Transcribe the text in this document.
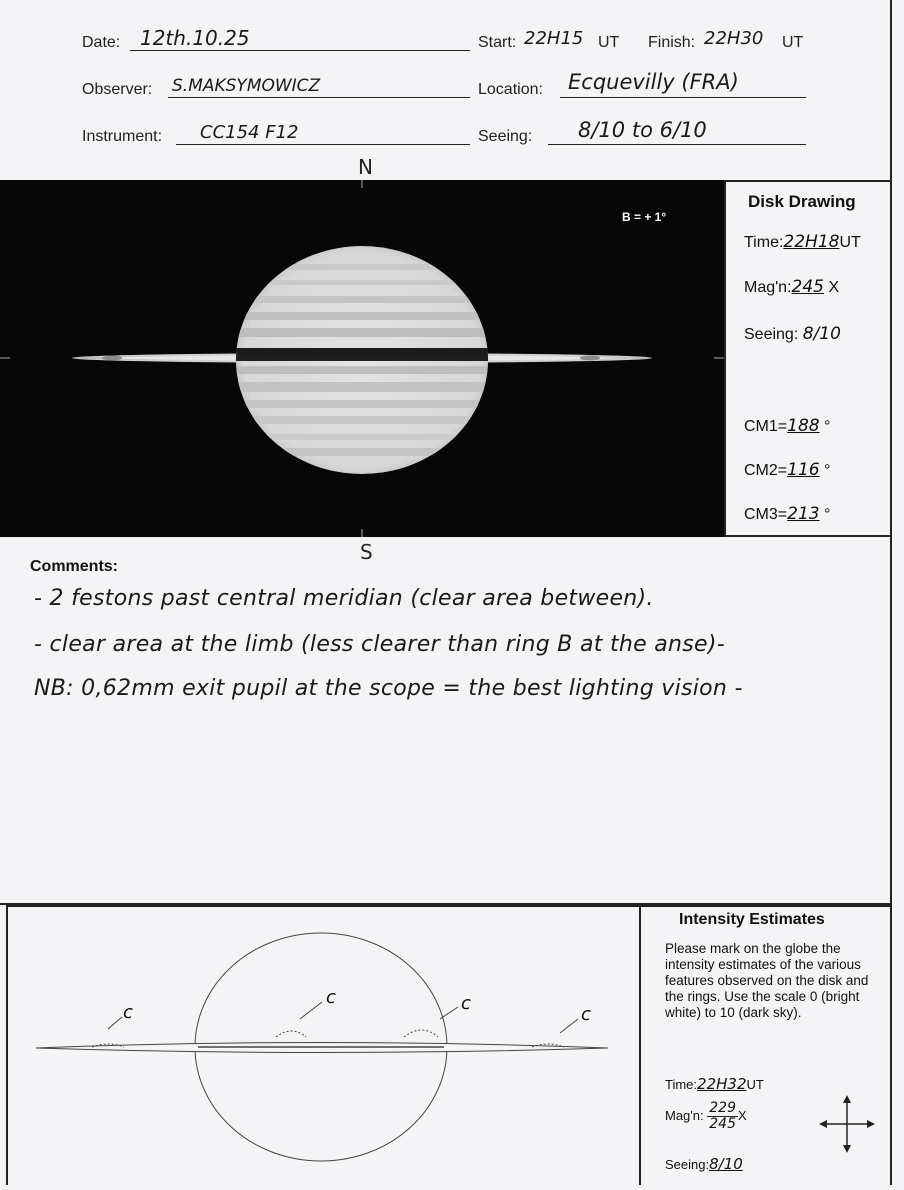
Date: 12th.10.25	Start: 22H15 UT Finish: 22H30 UT
Observer: S.MAKSYMOWICZ	Location: Ecquevilly (FRA)
Instrument: CC154 F12	Seeing: 8/10 to 6/10
N
B = + 1°
Disk Drawing
Time:22H18UT
Mag'n:245 X
Seeing: 8/10
CM1=188 °
CM2=116 °
CM3=213 °
S
Comments:
- 2 festons past central meridian (clear area between).
- clear area at the limb (less clearer than ring B at the anse)-
NB: 0,62mm exit pupil at the scope = the best lighting vision -
c
c	c
c
Intensity Estimates
Please mark on the globe the intensity estimates of the various features observed on the disk and the rings. Use the scale 0 (bright white) to 10 (dark sky).
Time:22H32UT
Mag'n: $\frac{229}{245}$ X
Seeing:8/10
